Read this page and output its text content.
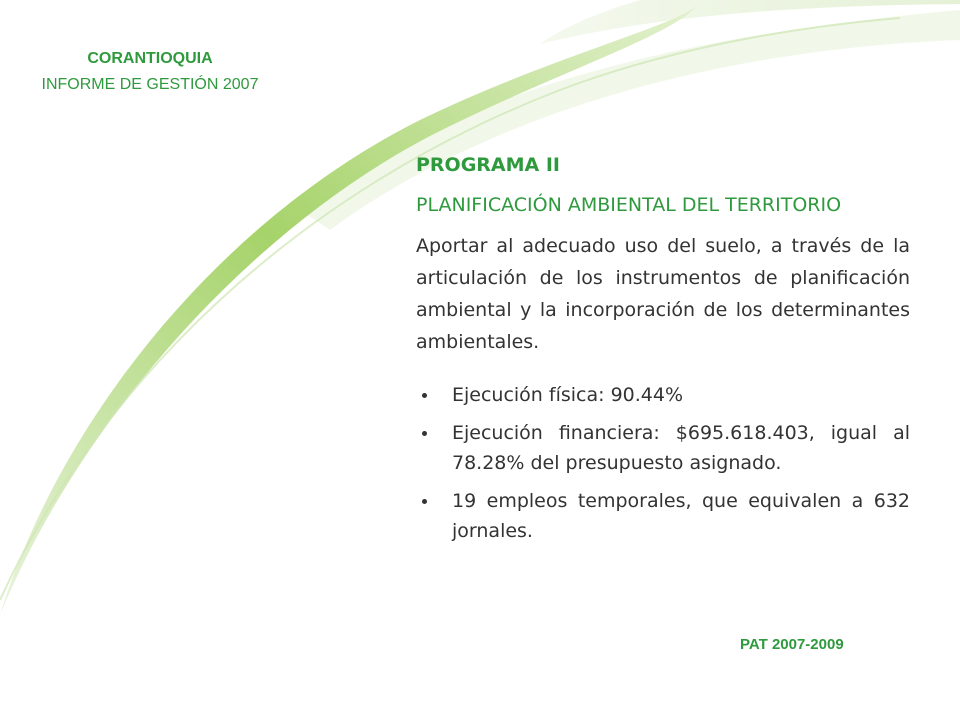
CORANTIOQUIA
INFORME DE GESTIÓN 2007

PROGRAMA II

PLANIFICACIÓN AMBIENTAL DEL TERRITORIO

Aportar al adecuado uso del suelo, a través de la articulación de los instrumentos de planificación ambiental y la incorporación de los determinantes ambientales.

Ejecución física: 90.44%
Ejecución financiera: $695.618.403, igual al 78.28% del presupuesto asignado.
19 empleos temporales, que equivalen a 632 jornales.
PAT 2007-2009
